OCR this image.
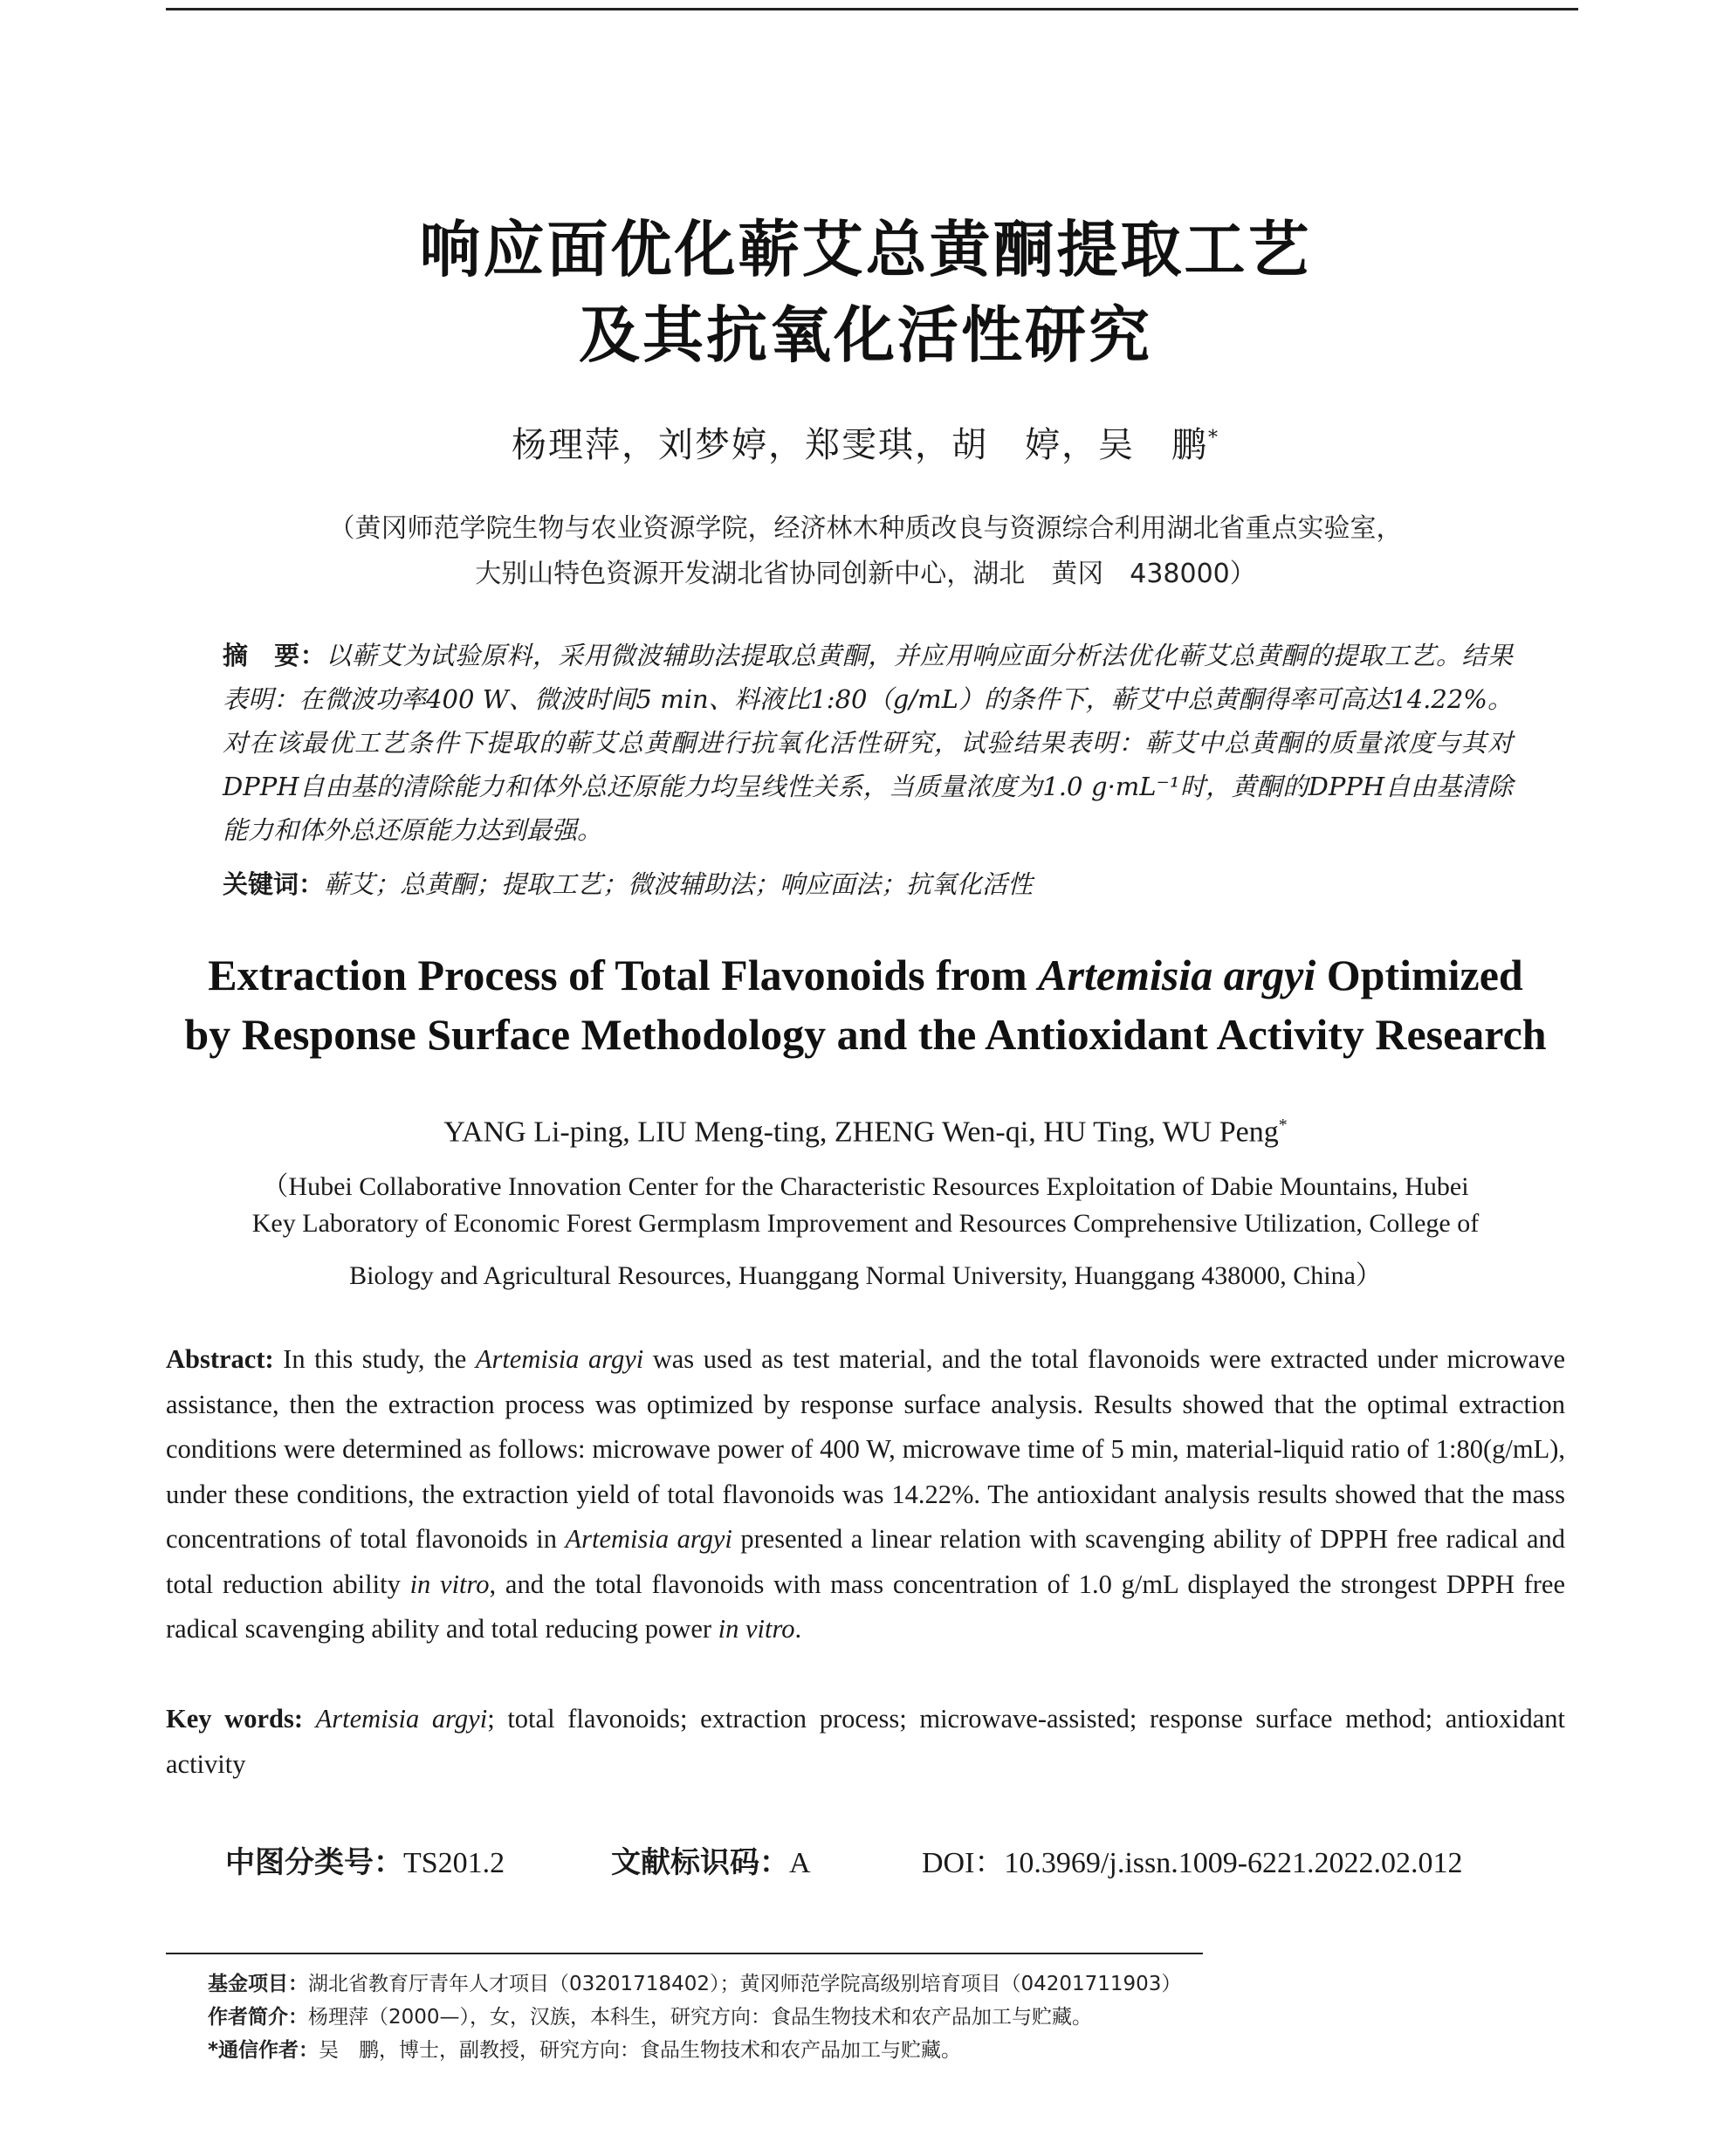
响应面优化蕲艾总黄酮提取工艺
及其抗氧化活性研究
杨理萍，刘梦婷，郑雯琪，胡　婷，吴　鹏*
（黄冈师范学院生物与农业资源学院，经济林木种质改良与资源综合利用湖北省重点实验室，
大别山特色资源开发湖北省协同创新中心，湖北　黄冈　438000）
摘　要：以蕲艾为试验原料，采用微波辅助法提取总黄酮，并应用响应面分析法优化蕲艾总黄酮的提取工艺。结果表明：在微波功率400 W、微波时间5 min、料液比1:80（g/mL）的条件下，蕲艾中总黄酮得率可高达14.22%。对在该最优工艺条件下提取的蕲艾总黄酮进行抗氧化活性研究，试验结果表明：蕲艾中总黄酮的质量浓度与其对DPPH自由基的清除能力和体外总还原能力均呈线性关系，当质量浓度为1.0 g·mL⁻¹时，黄酮的DPPH自由基清除能力和体外总还原能力达到最强。
关键词：蕲艾；总黄酮；提取工艺；微波辅助法；响应面法；抗氧化活性
Extraction Process of Total Flavonoids from Artemisia argyi Optimized
by Response Surface Methodology and the Antioxidant Activity Research
YANG Li-ping, LIU Meng-ting, ZHENG Wen-qi, HU Ting, WU Peng*
（Hubei Collaborative Innovation Center for the Characteristic Resources Exploitation of Dabie Mountains, Hubei
Key Laboratory of Economic Forest Germplasm Improvement and Resources Comprehensive Utilization, College of
Biology and Agricultural Resources, Huanggang Normal University, Huanggang 438000, China）
Abstract: In this study, the Artemisia argyi was used as test material, and the total flavonoids were extracted under microwave assistance, then the extraction process was optimized by response surface analysis. Results showed that the optimal extraction conditions were determined as follows: microwave power of 400 W, microwave time of 5 min, material-liquid ratio of 1:80(g/mL), under these conditions, the extraction yield of total flavonoids was 14.22%. The antioxidant analysis results showed that the mass concentrations of total flavonoids in Artemisia argyi presented a linear relation with scavenging ability of DPPH free radical and total reduction ability in vitro, and the total flavonoids with mass concentration of 1.0 g/mL displayed the strongest DPPH free radical scavenging ability and total reducing power in vitro.
Key words: Artemisia argyi; total flavonoids; extraction process; microwave-assisted; response surface method; antioxidant activity
中图分类号：TS201.2	文献标识码：A	DOI：10.3969/j.issn.1009-6221.2022.02.012
基金项目：湖北省教育厅青年人才项目（03201718402）；黄冈师范学院高级别培育项目（04201711903）
作者简介：杨理萍（2000—），女，汉族，本科生，研究方向：食品生物技术和农产品加工与贮藏。
*通信作者：吴　鹏，博士，副教授，研究方向：食品生物技术和农产品加工与贮藏。
